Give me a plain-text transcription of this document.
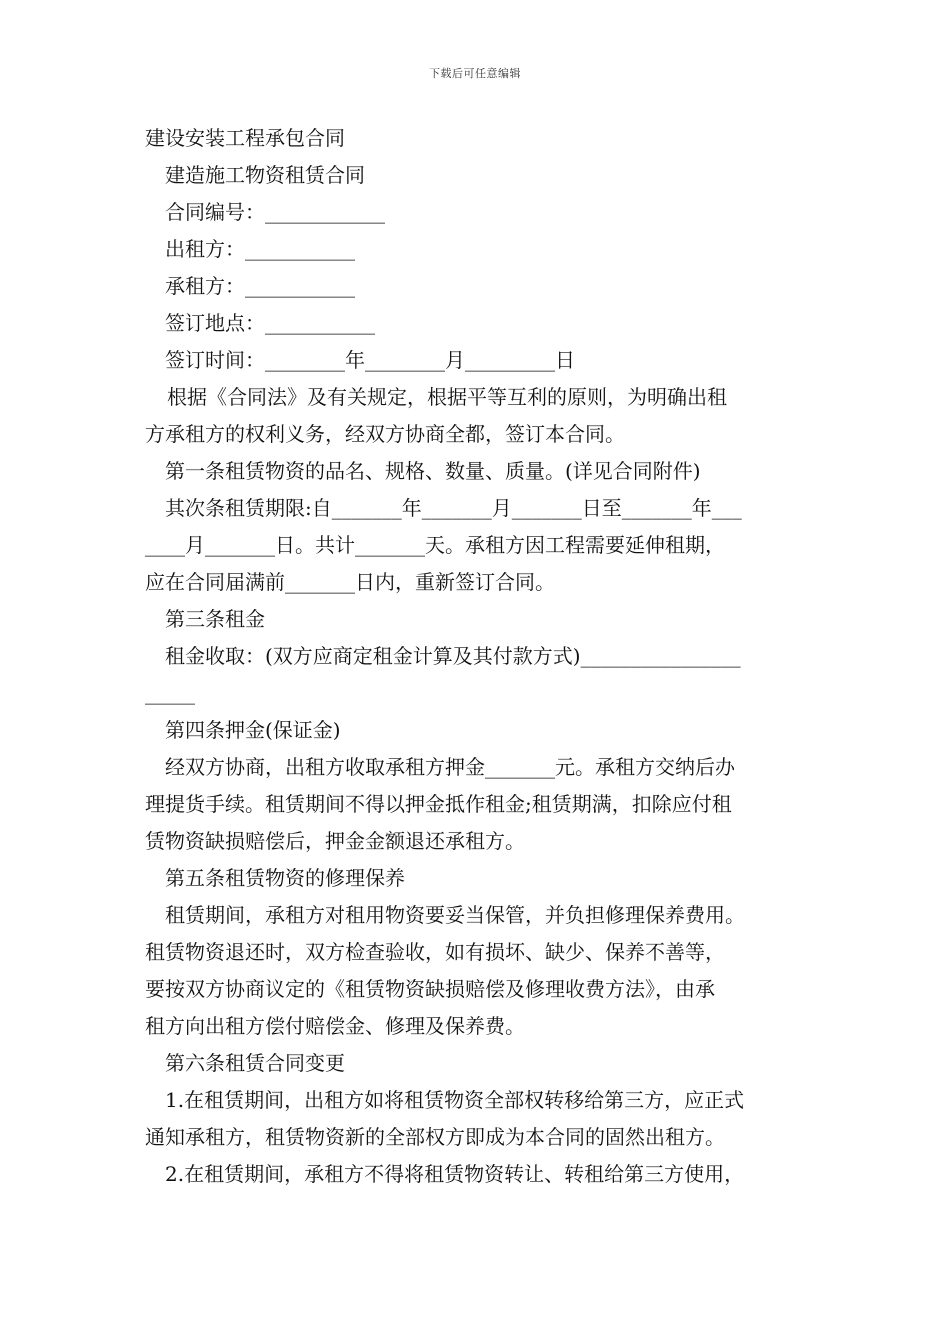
下载后可任意编辑

建设安装工程承包合同

建造施工物资租赁合同

合同编号：____________

出租方：___________

承租方：___________

签订地点：___________

签订时间：________年________月_________日

根据《合同法》及有关规定，根据平等互利的原则，为明确出租

方承租方的权利义务，经双方协商全都，签订本合同。

第一条租赁物资的品名、规格、数量、质量。(详见合同附件)

其次条租赁期限:自_______年_______月_______日至_______年___

____月_______日。共计_______天。承租方因工程需要延伸租期，

应在合同届满前_______日内，重新签订合同。

第三条租金

租金收取：(双方应商定租金计算及其付款方式)________________

_____

第四条押金(保证金)

经双方协商，出租方收取承租方押金_______元。承租方交纳后办

理提货手续。租赁期间不得以押金抵作租金;租赁期满，扣除应付租

赁物资缺损赔偿后，押金金额退还承租方。

第五条租赁物资的修理保养

租赁期间，承租方对租用物资要妥当保管，并负担修理保养费用。

租赁物资退还时，双方检查验收，如有损坏、缺少、保养不善等，

要按双方协商议定的《租赁物资缺损赔偿及修理收费方法》，由承

租方向出租方偿付赔偿金、修理及保养费。

第六条租赁合同变更

1.在租赁期间，出租方如将租赁物资全部权转移给第三方，应正式

通知承租方，租赁物资新的全部权方即成为本合同的固然出租方。

2.在租赁期间，承租方不得将租赁物资转让、转租给第三方使用，
